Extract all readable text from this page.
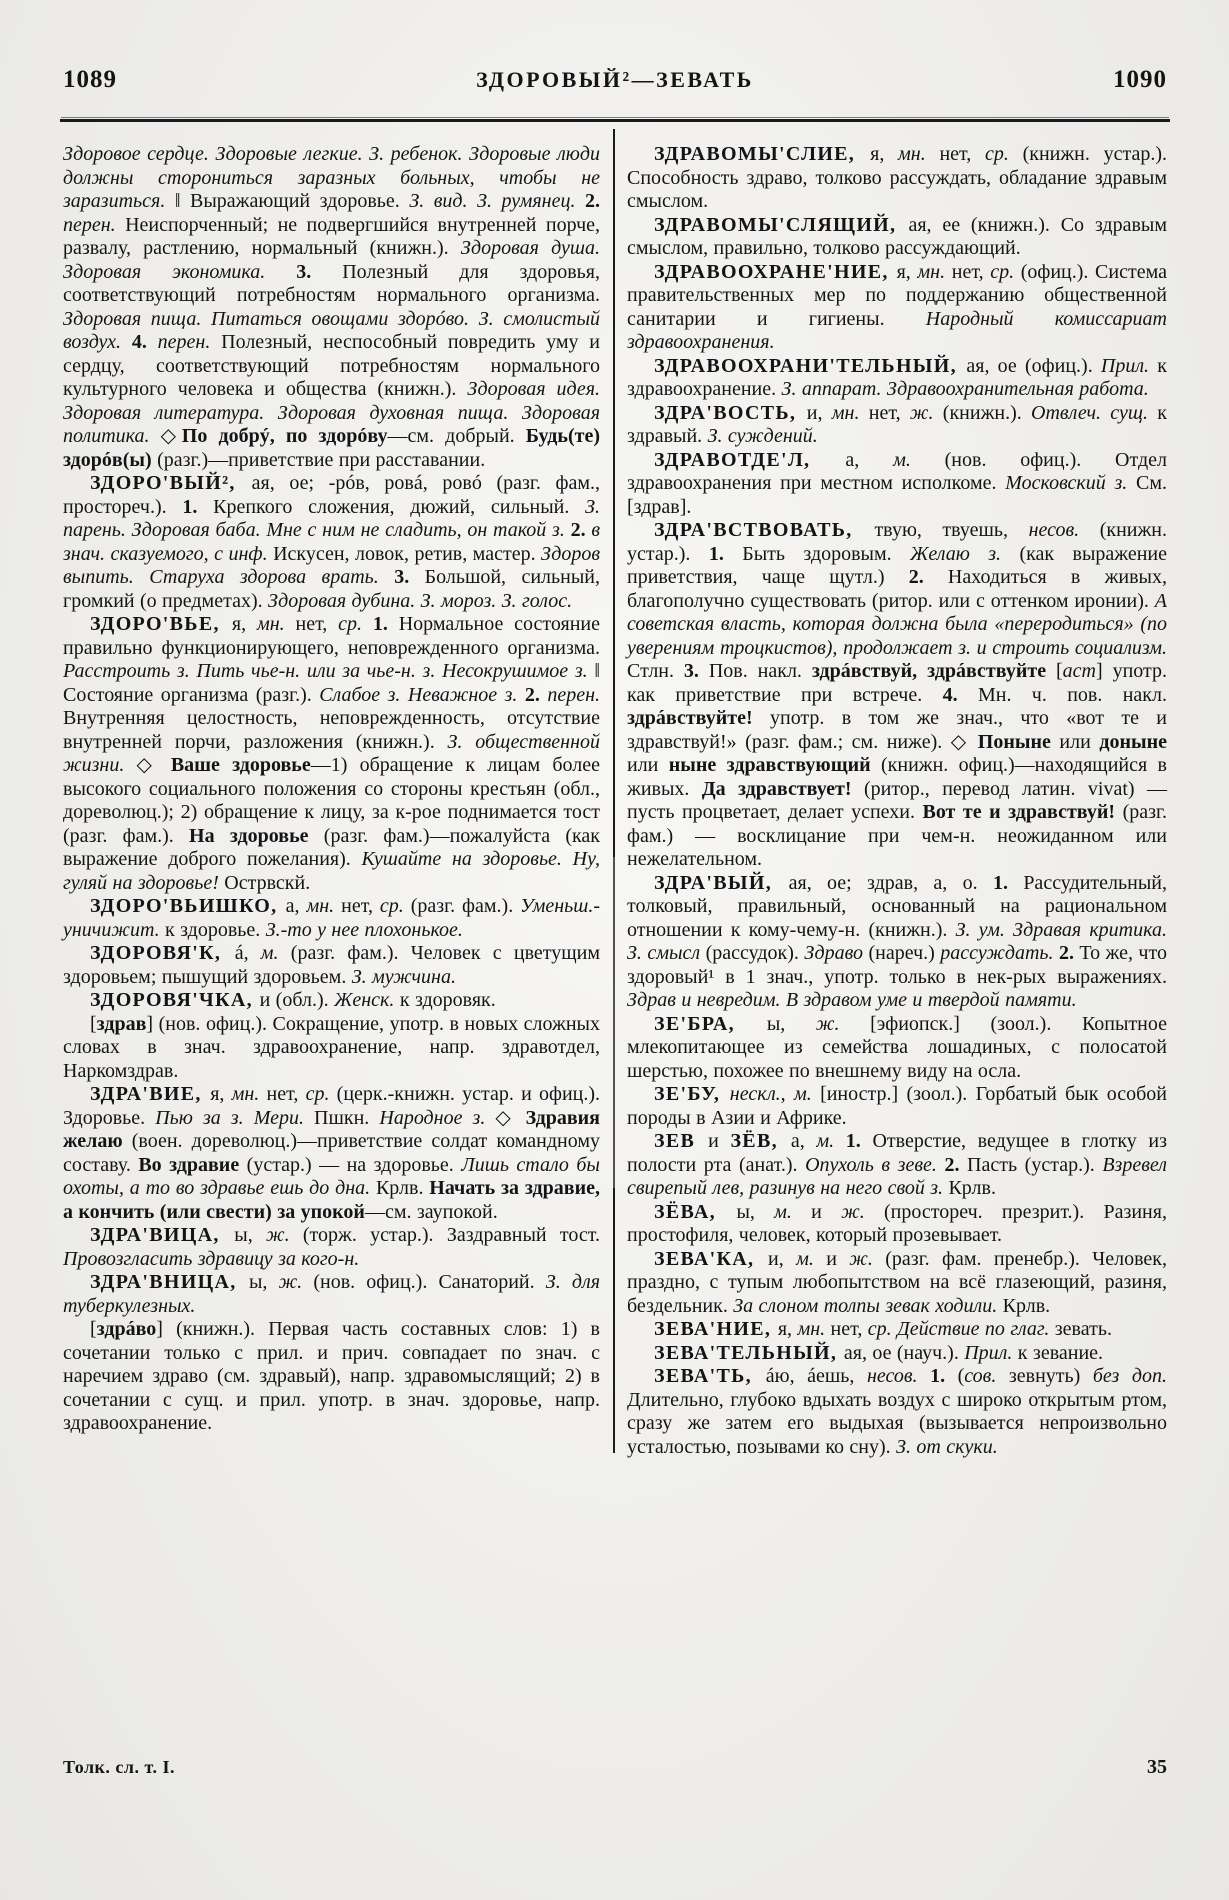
1089	ЗДОРОВЫЙ²—ЗЕВАТЬ	1090

Здоровое сердце. Здоровые легкие. З. ребенок. Здоровые люди должны сторониться заразных больных, чтобы не заразиться. ‖ Выражающий здоровье. З. вид. З. румянец. 2. перен. Неиспорченный; не подвергшийся внутренней порче, развалу, растлению, нормальный (книжн.). Здоровая душа. Здоровая экономика. 3. Полезный для здоровья, соответствующий потребностям нормального организма. Здоровая пища. Питаться овощами здорóво. З. смолистый воздух. 4. перен. Полезный, неспособный повредить уму и сердцу, соответствующий потребностям нормального культурного человека и общества (книжн.). Здоровая идея. Здоровая литература. Здоровая духовная пища. Здоровая политика. ◇По добрý, по здорóву—см. добрый. Будь(те) здорóв(ы) (разг.)—приветствие при расставании.

ЗДОРО'ВЫЙ², ая, ое; -рóв, ровá, ровó (разг. фам., простореч.). 1. Крепкого сложения, дюжий, сильный. З. парень. Здоровая баба. Мне с ним не сладить, он такой з. 2. в знач. сказуемого, с инф. Искусен, ловок, ретив, мастер. Здоров выпить. Старуха здорова врать. 3. Большой, сильный, громкий (о предметах). Здоровая дубина. З. мороз. З. голос.

ЗДОРО'ВЬЕ, я, мн. нет, ср. 1. Нормальное состояние правильно функционирующего, неповрежденного организма. Расстроить з. Пить чье-н. или за чье-н. з. Несокрушимое з. ‖ Состояние организма (разг.). Слабое з. Неважное з. 2. перен. Внутренняя целостность, неповрежденность, отсутствие внутренней порчи, разложения (книжн.). З. общественной жизни. ◇ Ваше здоровье—1) обращение к лицам более высокого социального положения со стороны крестьян (обл., дореволюц.); 2) обращение к лицу, за к-рое поднимается тост (разг. фам.). На здоровье (разг. фам.)—пожалуйста (как выражение доброго пожелания). Кушайте на здоровье. Ну, гуляй на здоровье! Острвскй.

ЗДОРО'ВЬИШКО, а, мн. нет, ср. (разг. фам.). Уменьш.-уничижит. к здоровье. З.-то у нее плохонькое.

ЗДОРОВЯ'К, á, м. (разг. фам.). Человек с цветущим здоровьем; пышущий здоровьем. З. мужчина.

ЗДОРОВЯ'ЧКА, и (обл.). Женск. к здоровяк.

[здрав] (нов. офиц.). Сокращение, употр. в новых сложных словах в знач. здравоохранение, напр. здравотдел, Наркомздрав.

ЗДРА'ВИЕ, я, мн. нет, ср. (церк.-книжн. устар. и офиц.). Здоровье. Пью за з. Мери. Пшкн. Народное з. ◇ Здравия желаю (воен. дореволюц.)—приветствие солдат командному составу. Во здравие (устар.) — на здоровье. Лишь стало бы охоты, а то во здравье ешь до дна. Крлв. Начать за здравие, а кончить (или свести) за упокой—см. заупокой.

ЗДРА'ВИЦА, ы, ж. (торж. устар.). Заздравный тост. Провозгласить здравицу за кого-н.

ЗДРА'ВНИЦА, ы, ж. (нов. офиц.). Санаторий. З. для туберкулезных.

[здрáво] (книжн.). Первая часть составных слов: 1) в сочетании только с прил. и прич. совпадает по знач. с наречием здраво (см. здравый), напр. здравомыслящий; 2) в сочетании с сущ. и прил. употр. в знач. здоровье, напр. здравоохранение.

ЗДРАВОМЫ'СЛИЕ, я, мн. нет, ср. (книжн. устар.). Способность здраво, толково рассуждать, обладание здравым смыслом.

ЗДРАВОМЫ'СЛЯЩИЙ, ая, ее (книжн.). Со здравым смыслом, правильно, толково рассуждающий.

ЗДРАВООХРАНЕ'НИЕ, я, мн. нет, ср. (офиц.). Система правительственных мер по поддержанию общественной санитарии и гигиены. Народный комиссариат здравоохранения.

ЗДРАВООХРАНИ'ТЕЛЬНЫЙ, ая, ое (офиц.). Прил. к здравоохранение. З. аппарат. Здравоохранительная работа.

ЗДРА'ВОСТЬ, и, мн. нет, ж. (книжн.). Отвлеч. сущ. к здравый. З. суждений.

ЗДРАВОТДЕ'Л, а, м. (нов. офиц.). Отдел здравоохранения при местном исполкоме. Московский з. См. [здрав].

ЗДРА'ВСТВОВАТЬ, твую, твуешь, несов. (книжн. устар.). 1. Быть здоровым. Желаю з. (как выражение приветствия, чаще щутл.) 2. Находиться в живых, благополучно существовать (ритор. или с оттенком иронии). А советская власть, которая должна была «переродиться» (по уверениям троцкистов), продолжает з. и строить социализм. Стлн. 3. Пов. накл. здрáвствуй, здрáвствуйте [аст] употр. как приветствие при встрече. 4. Мн. ч. пов. накл. здрáвствуйте! употр. в том же знач., что «вот те и здравствуй!» (разг. фам.; см. ниже). ◇ Поныне или доныне или ныне здравствующий (книжн. офиц.)—находящийся в живых. Да здравствует! (ритор., перевод латин. vivat) — пусть процветает, делает успехи. Вот те и здравствуй! (разг. фам.) — восклицание при чем-н. неожиданном или нежелательном.

ЗДРА'ВЫЙ, ая, ое; здрав, а, о. 1. Рассудительный, толковый, правильный, основанный на рациональном отношении к кому-чему-н. (книжн.). З. ум. Здравая критика. З. смысл (рассудок). Здраво (нареч.) рассуждать. 2. То же, что здоровый¹ в 1 знач., употр. только в нек-рых выражениях. Здрав и невредим. В здравом уме и твердой памяти.

ЗЕ'БРА, ы, ж. [эфиопск.] (зоол.). Копытное млекопитающее из семейства лошадиных, с полосатой шерстью, похожее по внешнему виду на осла.

ЗЕ'БУ, нескл., м. [иностр.] (зоол.). Горбатый бык особой породы в Азии и Африке.

ЗЕВ и ЗЁВ, а, м. 1. Отверстие, ведущее в глотку из полости рта (анат.). Опухоль в зеве. 2. Пасть (устар.). Взревел свирепый лев, разинув на него свой з. Крлв.

ЗЁВА, ы, м. и ж. (простореч. презрит.). Разиня, простофиля, человек, который прозевывает.

ЗЕВА'КА, и, м. и ж. (разг. фам. пренебр.). Человек, праздно, с тупым любопытством на всё глазеющий, разиня, бездельник. За слоном толпы зевак ходили. Крлв.

ЗЕВА'НИЕ, я, мн. нет, ср. Действие по глаг. зевать.

ЗЕВА'ТЕЛЬНЫЙ, ая, ое (науч.). Прил. к зевание.

ЗЕВА'ТЬ, áю, áешь, несов. 1. (сов. зевнуть) без доп. Длительно, глубоко вдыхать воздух с широко открытым ртом, сразу же затем его выдыхая (вызывается непроизвольно усталостью, позывами ко сну). З. от скуки.

Толк. сл. т. I.	35
